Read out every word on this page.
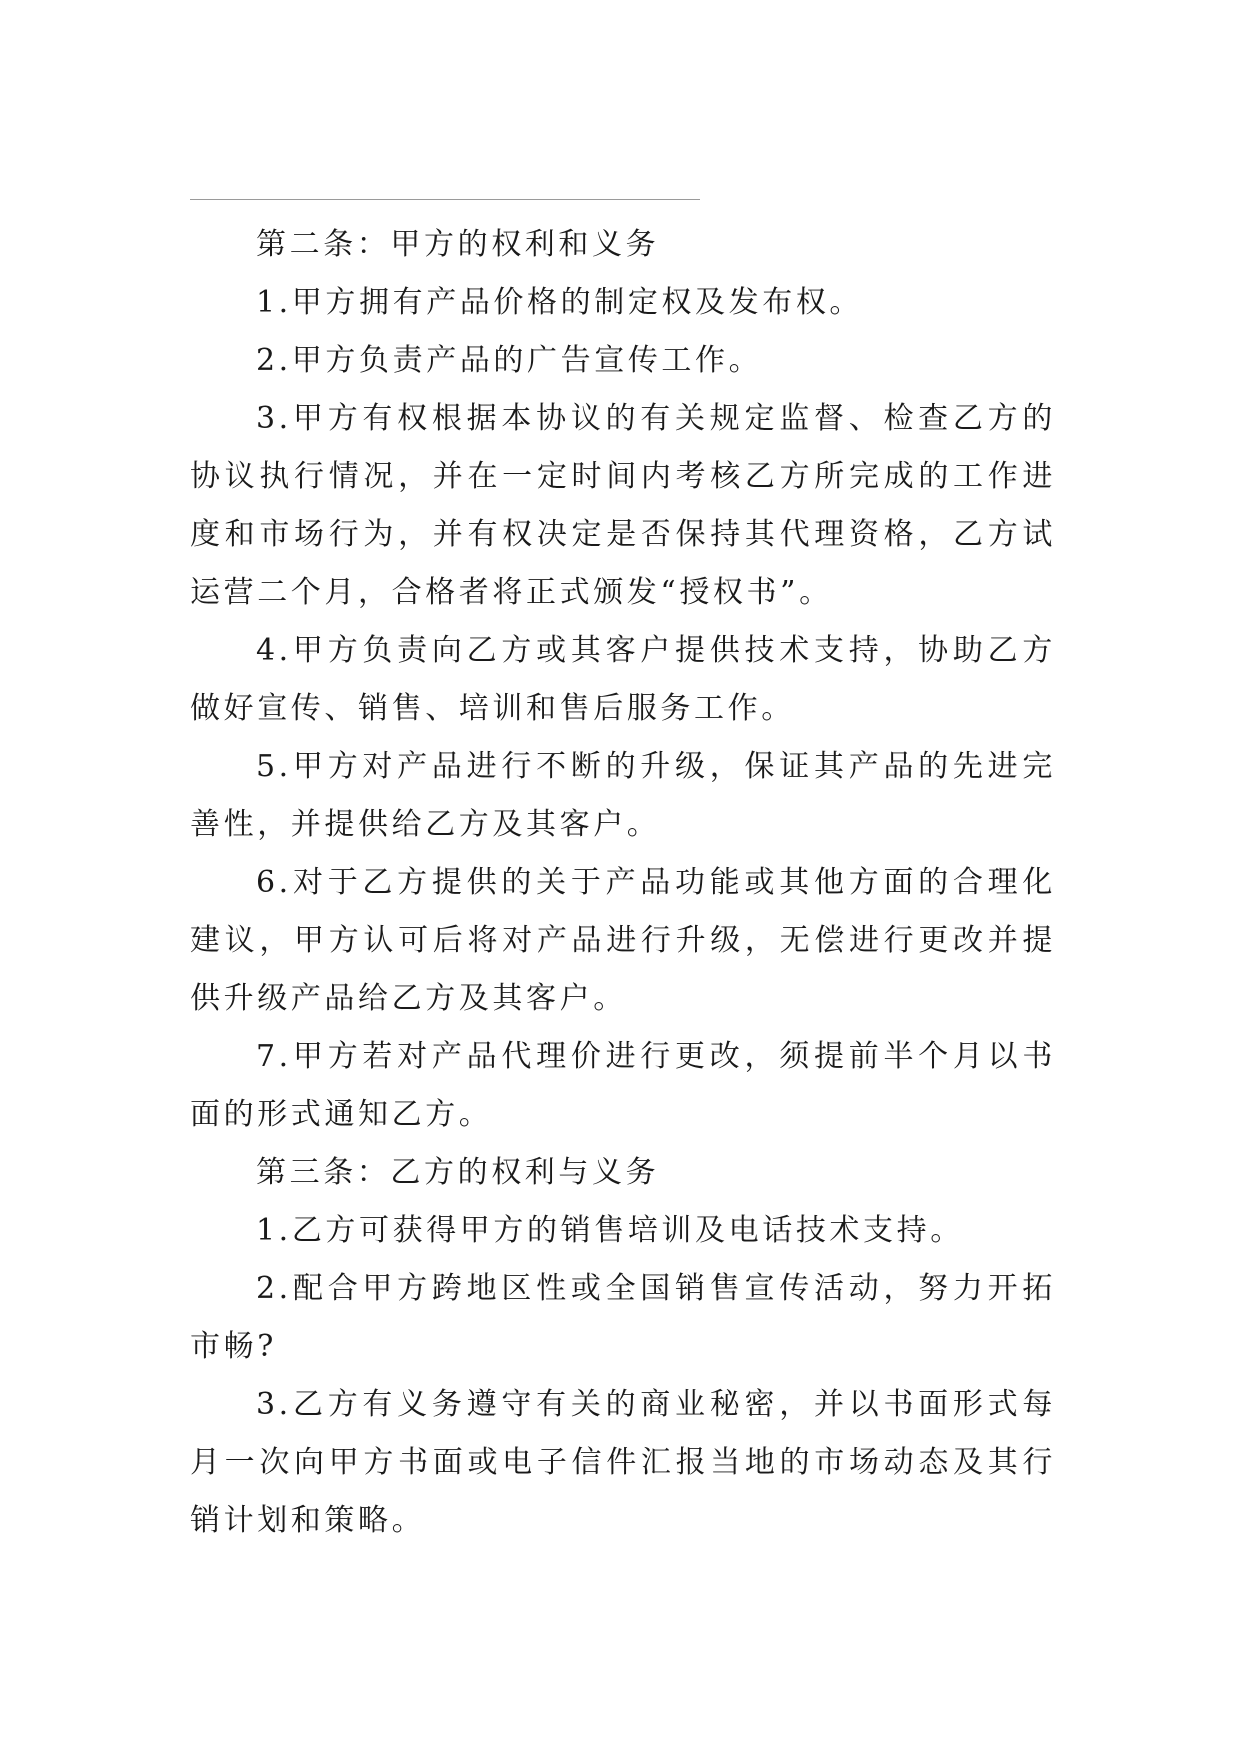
第二条：甲方的权利和义务

1.甲方拥有产品价格的制定权及发布权。

2.甲方负责产品的广告宣传工作。

3.甲方有权根据本协议的有关规定监督、检查乙方的协议执行情况，并在一定时间内考核乙方所完成的工作进度和市场行为，并有权决定是否保持其代理资格，乙方试运营二个月，合格者将正式颁发“授权书”。

4.甲方负责向乙方或其客户提供技术支持，协助乙方做好宣传、销售、培训和售后服务工作。

5.甲方对产品进行不断的升级，保证其产品的先进完善性，并提供给乙方及其客户。

6.对于乙方提供的关于产品功能或其他方面的合理化建议，甲方认可后将对产品进行升级，无偿进行更改并提供升级产品给乙方及其客户。

7.甲方若对产品代理价进行更改，须提前半个月以书面的形式通知乙方。

第三条：乙方的权利与义务

1.乙方可获得甲方的销售培训及电话技术支持。

2.配合甲方跨地区性或全国销售宣传活动，努力开拓市畅?

3.乙方有义务遵守有关的商业秘密，并以书面形式每月一次向甲方书面或电子信件汇报当地的市场动态及其行销计划和策略。
